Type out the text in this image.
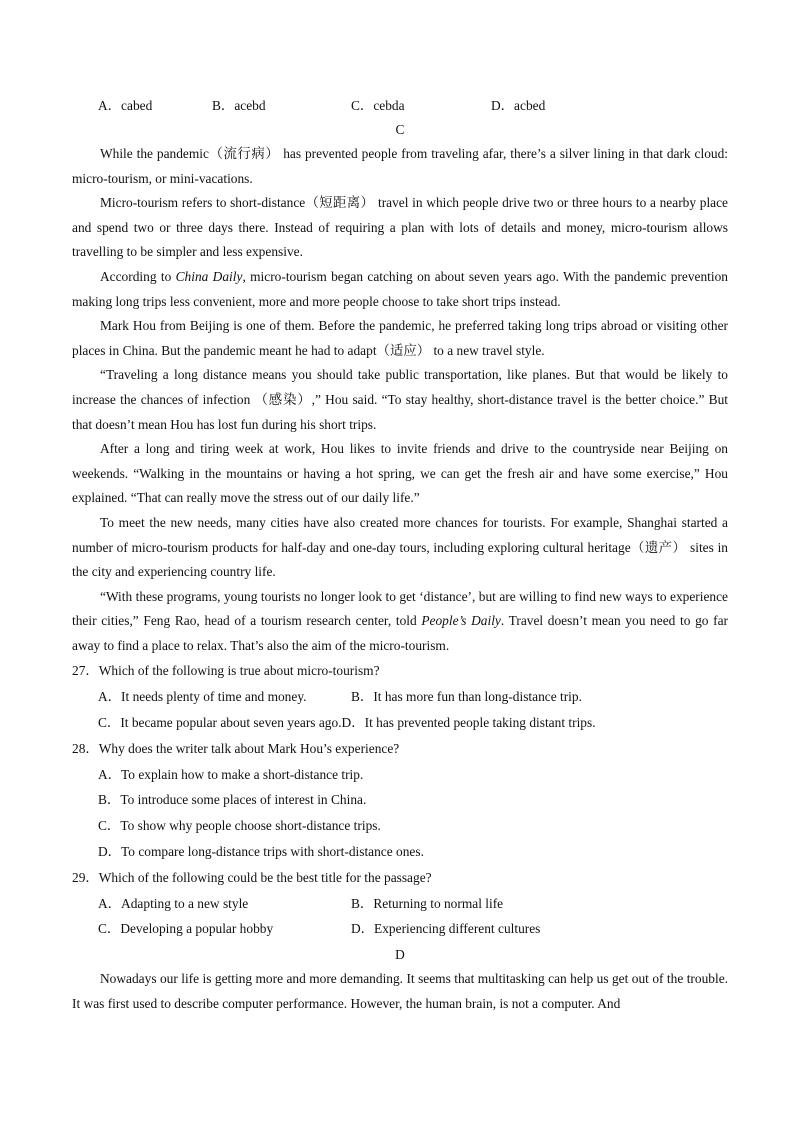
A．cabed	B．acebd	C．cebda	D．acbed
C

While the pandemic（流行病） has prevented people from traveling afar, there’s a silver lining in that dark cloud: micro-tourism, or mini-vacations.

Micro-tourism refers to short-distance（短距离） travel in which people drive two or three hours to a nearby place and spend two or three days there. Instead of requiring a plan with lots of details and money, micro-tourism allows travelling to be simpler and less expensive.

According to China Daily, micro-tourism began catching on about seven years ago. With the pandemic prevention making long trips less convenient, more and more people choose to take short trips instead.

Mark Hou from Beijing is one of them. Before the pandemic, he preferred taking long trips abroad or visiting other places in China. But the pandemic meant he had to adapt（适应） to a new travel style.

“Traveling a long distance means you should take public transportation, like planes. But that would be likely to increase the chances of infection （感染）,” Hou said. “To stay healthy, short-distance travel is the better choice.” But that doesn’t mean Hou has lost fun during his short trips.

After a long and tiring week at work, Hou likes to invite friends and drive to the countryside near Beijing on weekends. “Walking in the mountains or having a hot spring, we can get the fresh air and have some exercise,” Hou explained. “That can really move the stress out of our daily life.”

To meet the new needs, many cities have also created more chances for tourists. For example, Shanghai started a number of micro-tourism products for half-day and one-day tours, including exploring cultural heritage（遗产） sites in the city and experiencing country life.

“With these programs, young tourists no longer look to get ‘distance’, but are willing to find new ways to experience their cities,” Feng Rao, head of a tourism research center, told People’s Daily. Travel doesn’t mean you need to go far away to find a place to relax. That’s also the aim of the micro-tourism.

27．Which of the following is true about micro-tourism?

A．It needs plenty of time and money.	B．It has more fun than long-distance trip.

C．It became popular about seven years ago.D．It has prevented people taking distant trips.

28．Why does the writer talk about Mark Hou’s experience?

A．To explain how to make a short-distance trip.

B．To introduce some places of interest in China.

C．To show why people choose short-distance trips.

D．To compare long-distance trips with short-distance ones.

29．Which of the following could be the best title for the passage?

A．Adapting to a new style	B．Returning to normal life
C．Developing a popular hobby	D．Experiencing different cultures
D

Nowadays our life is getting more and more demanding. It seems that multitasking can help us get out of the trouble. It was first used to describe computer performance. However, the human brain, is not a computer. And
